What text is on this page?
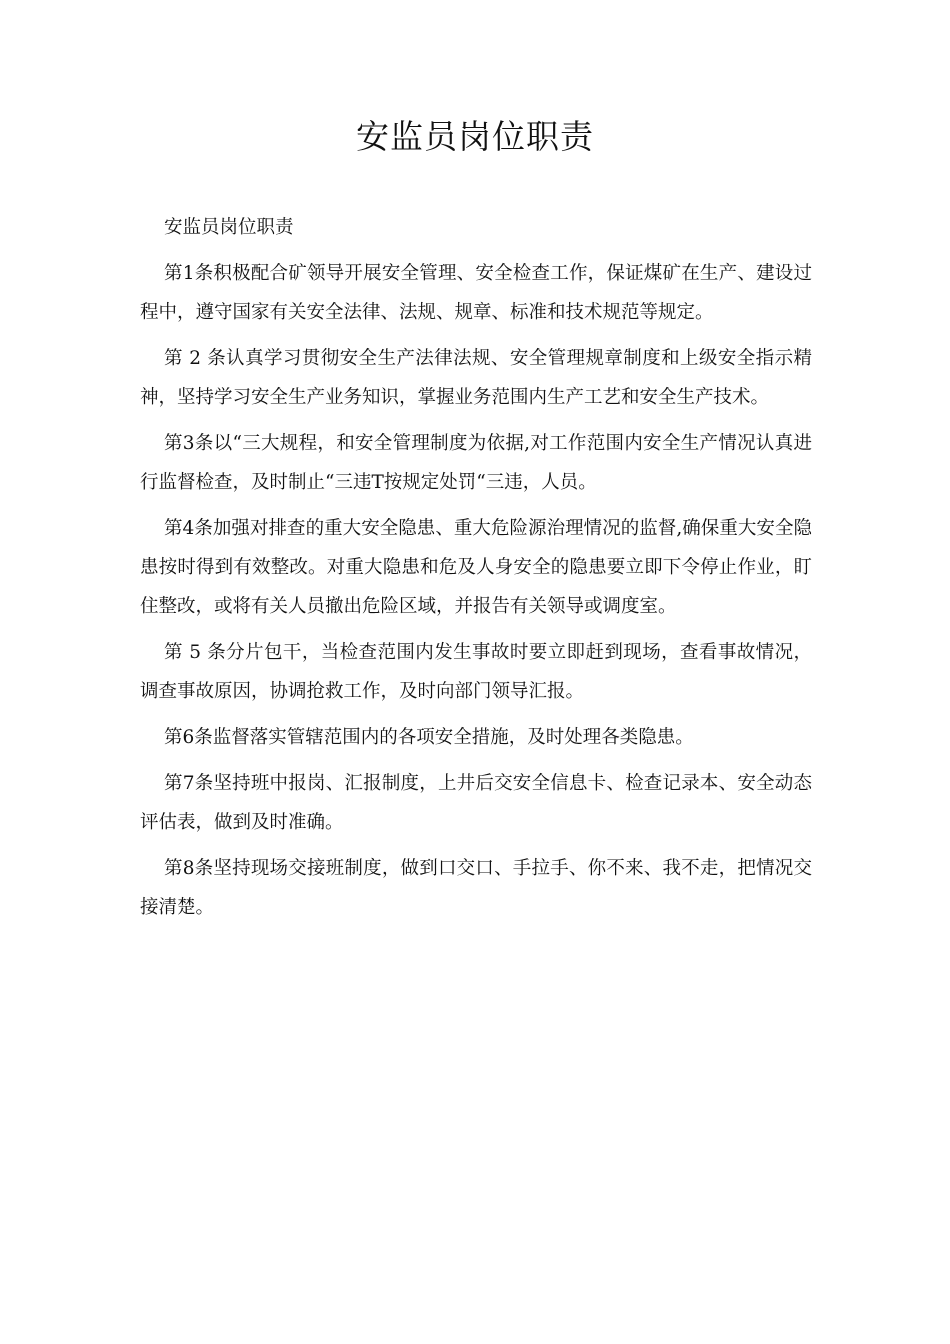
安监员岗位职责

安监员岗位职责

第1条积极配合矿领导开展安全管理、安全检查工作，保证煤矿在生产、建设过程中，遵守国家有关安全法律、法规、规章、标准和技术规范等规定。

第 2 条认真学习贯彻安全生产法律法规、安全管理规章制度和上级安全指示精神，坚持学习安全生产业务知识，掌握业务范围内生产工艺和安全生产技术。

第3条以“三大规程，和安全管理制度为依据,对工作范围内安全生产情况认真进行监督检查，及时制止“三违T按规定处罚“三违，人员。

第4条加强对排查的重大安全隐患、重大危险源治理情况的监督,确保重大安全隐患按时得到有效整改。对重大隐患和危及人身安全的隐患要立即下令停止作业，盯住整改，或将有关人员撤出危险区域，并报告有关领导或调度室。

第 5 条分片包干，当检查范围内发生事故时要立即赶到现场，查看事故情况，调查事故原因，协调抢救工作，及时向部门领导汇报。

第6条监督落实管辖范围内的各项安全措施，及时处理各类隐患。

第7条坚持班中报岗、汇报制度，上井后交安全信息卡、检查记录本、安全动态评估表，做到及时准确。

第8条坚持现场交接班制度，做到口交口、手拉手、你不来、我不走，把情况交接清楚。
